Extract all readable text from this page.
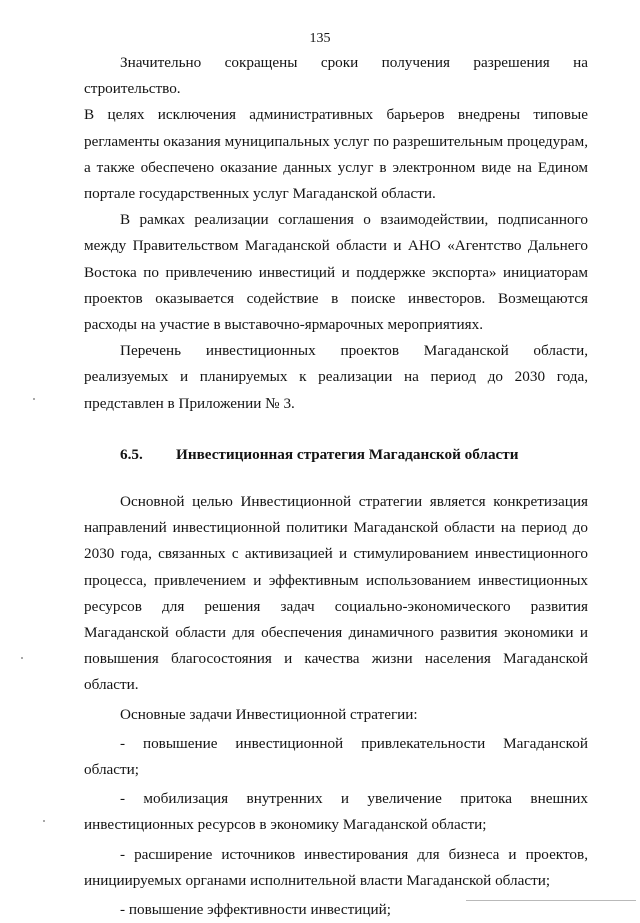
135

Значительно сокращены сроки получения разрешения на строительство.

В целях исключения административных барьеров внедрены типовые регламенты оказания муниципальных услуг по разрешительным процедурам, а также обеспечено оказание данных услуг в электронном виде на Едином портале государственных услуг Магаданской области.

В рамках реализации соглашения о взаимодействии, подписанного между Правительством Магаданской области и АНО «Агентство Дальнего Востока по привлечению инвестиций и поддержке экспорта» инициаторам проектов оказывается содействие в поиске инвесторов. Возмещаются расходы на участие в выставочно-ярмарочных мероприятиях.

Перечень инвестиционных проектов Магаданской области, реализуемых и планируемых к реализации на период до 2030 года, представлен в Приложении № 3.

6.5. Инвестиционная стратегия Магаданской области

Основной целью Инвестиционной стратегии является конкретизация направлений инвестиционной политики Магаданской области на период до 2030 года, связанных с активизацией и стимулированием инвестиционного процесса, привлечением и эффективным использованием инвестиционных ресурсов для решения задач социально-экономического развития Магаданской области для обеспечения динамичного развития экономики и повышения благосостояния и качества жизни населения Магаданской области.

Основные задачи Инвестиционной стратегии:

- повышение инвестиционной привлекательности Магаданской области;

- мобилизация внутренних и увеличение притока внешних инвестиционных ресурсов в экономику Магаданской области;

- расширение источников инвестирования для бизнеса и проектов, инициируемых органами исполнительной власти Магаданской области;

- повышение эффективности инвестиций;
